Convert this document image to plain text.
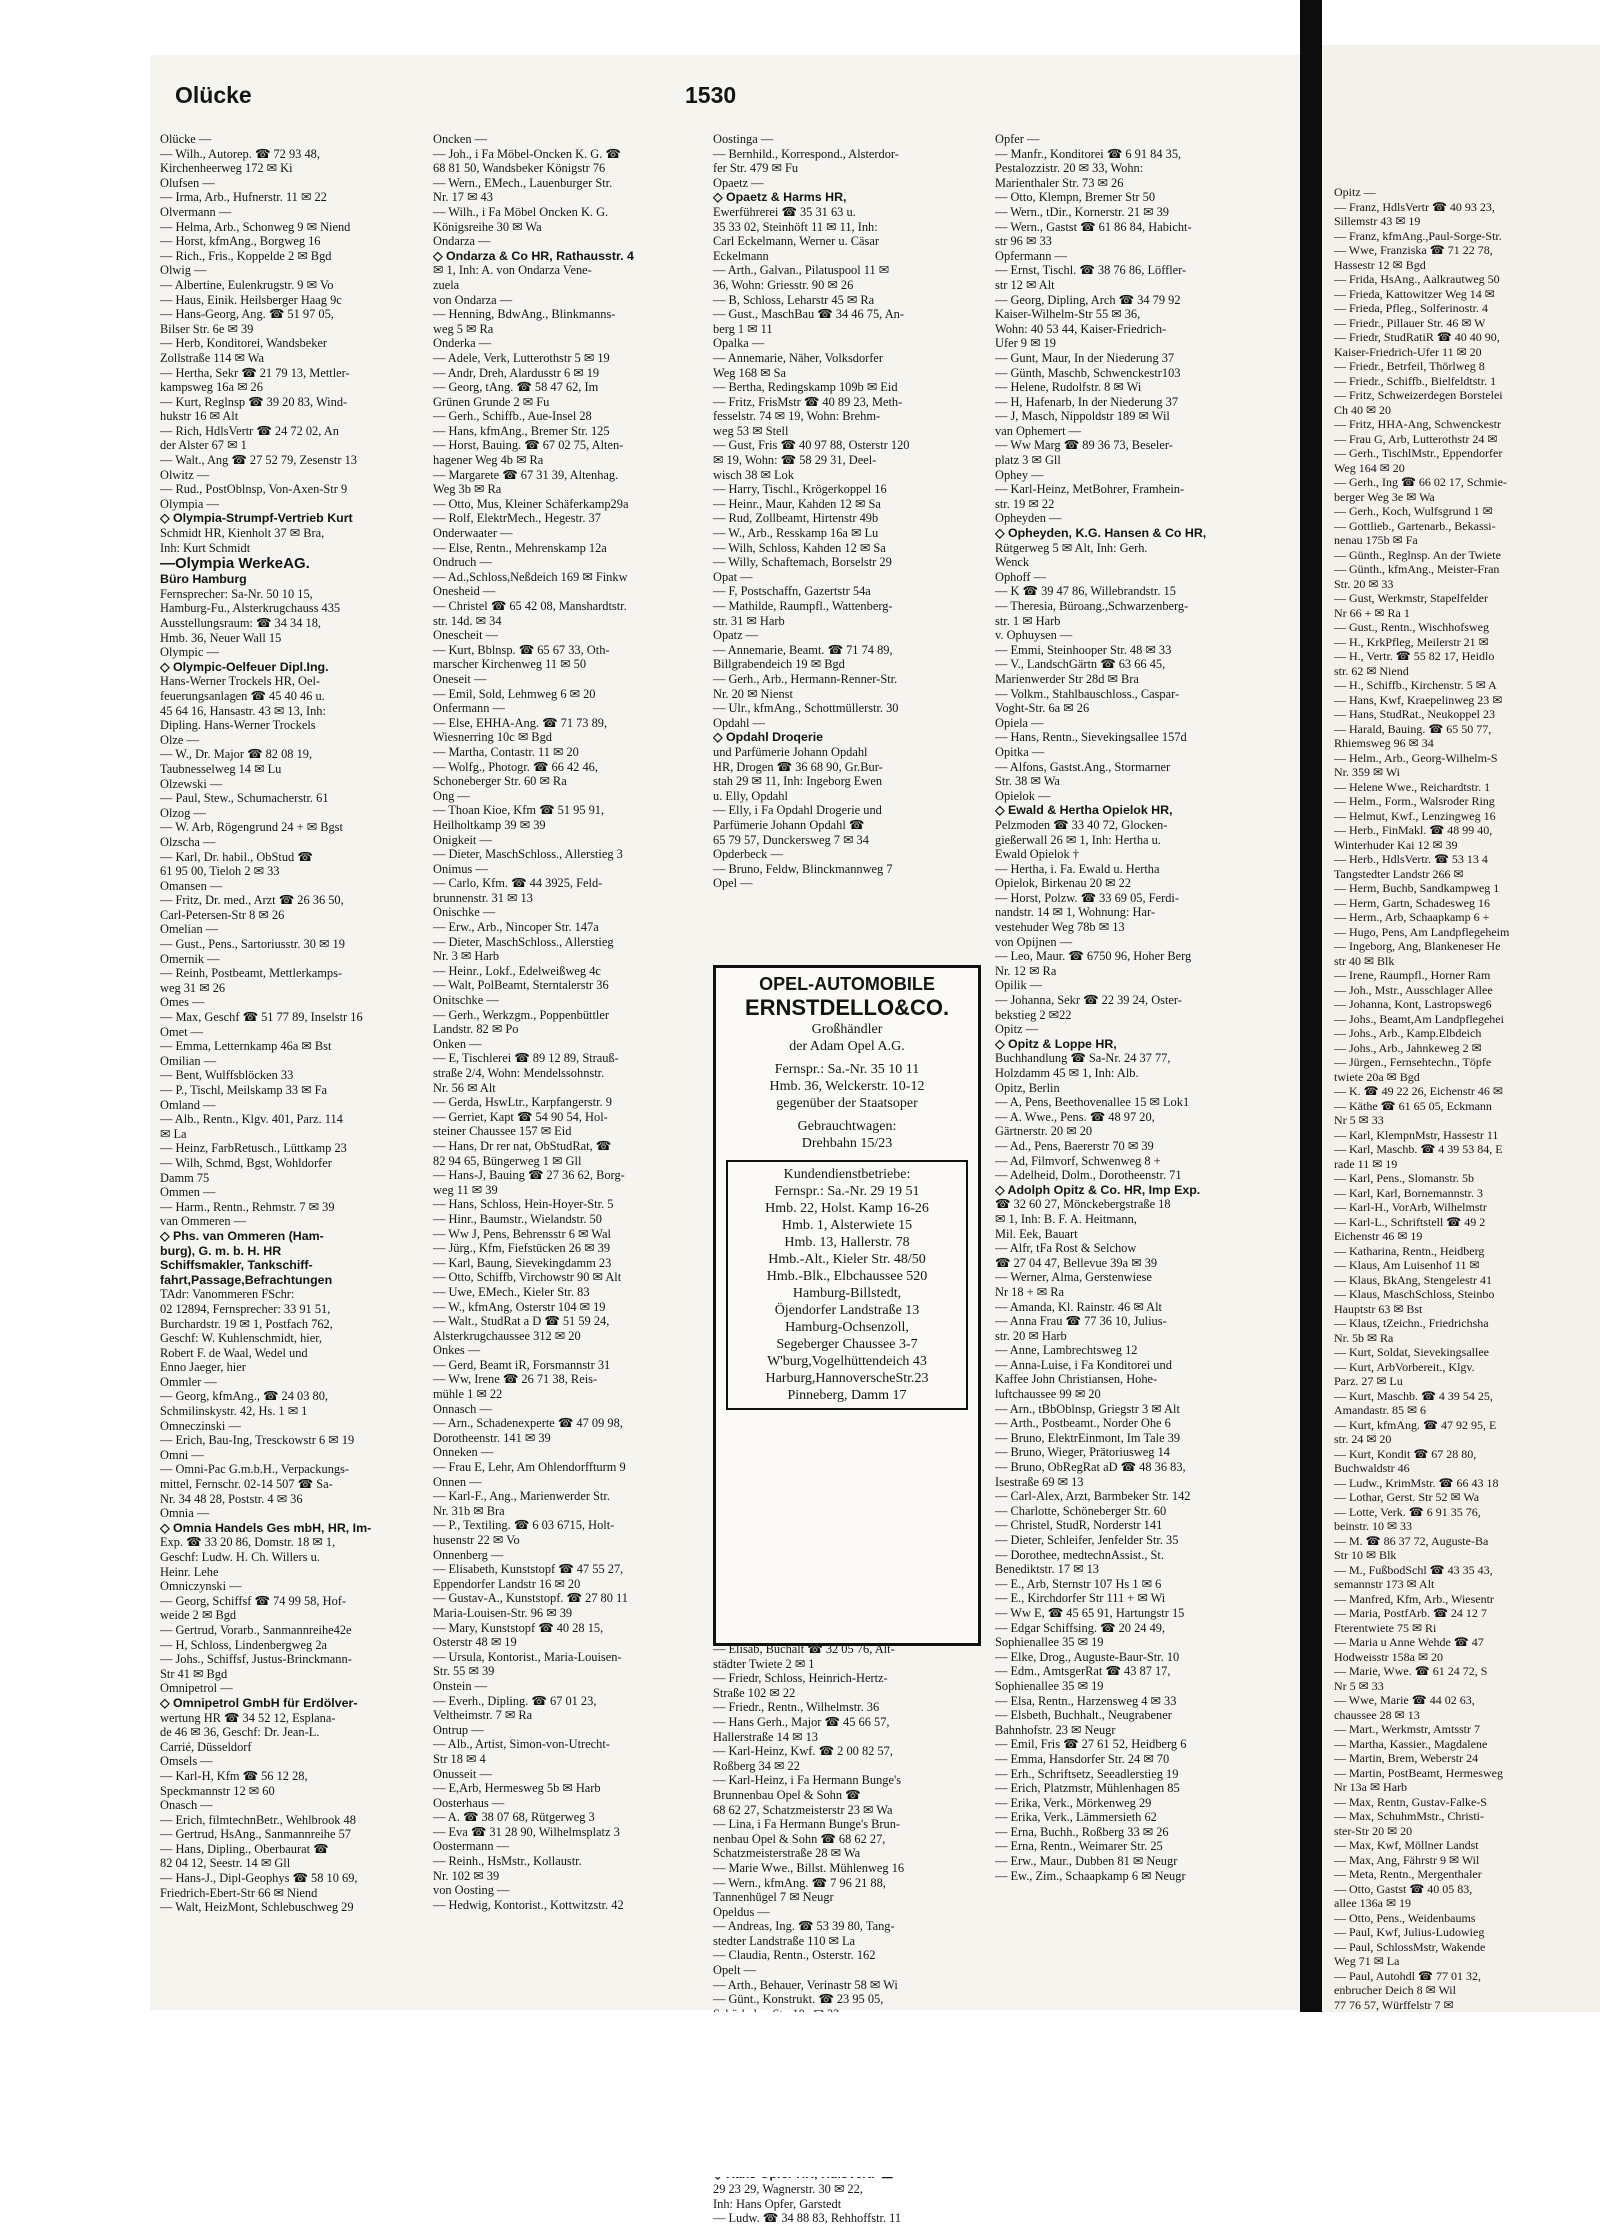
Opitz —
— Franz, HdlsVertr ☎ 40 93 23,
Sillemstr 43 ✉ 19
— Franz, kfmAng.,Paul-Sorge-Str.
— Wwe, Franziska ☎ 71 22 78,
Hassestr 12 ✉ Bgd
— Frida, HsAng., Aalkrautweg 50
— Frieda, Kattowitzer Weg 14 ✉
— Frieda, Pfleg., Solferinostr. 4
— Friedr., Pillauer Str. 46 ✉ W
— Friedr, StudRatiR ☎ 40 40 90,
Kaiser-Friedrich-Ufer 11 ✉ 20
— Friedr., Betrfeil, Thörlweg 8
— Friedr., Schiffb., Bielfeldtstr. 1
— Fritz, Schweizerdegen Borstelei
Ch 40 ✉ 20
— Fritz, HHA-Ang, Schwenckestr
— Frau G, Arb, Lutterothstr 24 ✉
— Gerh., TischlMstr., Eppendorfer
Weg 164 ✉ 20
— Gerh., Ing ☎ 66 02 17, Schmie-
berger Weg 3e ✉ Wa
— Gerh., Koch, Wulfsgrund 1 ✉
— Gottlieb., Gartenarb., Bekassi-
nenau 175b ✉ Fa
— Günth., Reglnsp. An der Twiete
— Günth., kfmAng., Meister-Fran
Str. 20 ✉ 33
— Gust, Werkmstr, Stapelfelder
Nr 66 + ✉ Ra 1
— Gust., Rentn., Wischhofsweg
— H., KrkPfleg, Meilerstr 21 ✉
— H., Vertr. ☎ 55 82 17, Heidlo
str. 62 ✉ Niend
— H., Schiffb., Kirchenstr. 5 ✉ A
— Hans, Kwf, Kraepelinweg 23 ✉
— Hans, StudRat., Neukoppel 23
— Harald, Bauing. ☎ 65 50 77,
Rhiemsweg 96 ✉ 34
— Helm., Arb., Georg-Wilhelm-S
Nr. 359 ✉ Wi
— Helene Wwe., Reichardtstr. 1
— Helm., Form., Walsroder Ring
— Helmut, Kwf., Lenzingweg 16
— Herb., FinMakl. ☎ 48 99 40,
Winterhuder Kai 12 ✉ 39
— Herb., HdlsVertr. ☎ 53 13 4
Tangstedter Landstr 266 ✉
— Herm, Buchb, Sandkampweg 1
— Herm, Gartn, Schadesweg 16
— Herm., Arb, Schaapkamp 6 +
— Hugo, Pens, Am Landpflegeheim
— Ingeborg, Ang, Blankeneser He
str 40 ✉ Blk
— Irene, Raumpfl., Horner Ram
— Joh., Mstr., Ausschlager Allee
— Johanna, Kont, Lastropsweg6
— Johs., Beamt,Am Landpflegehei
— Johs., Arb., Kamp.Elbdeich
— Johs., Arb., Jahnkeweg 2 ✉
— Jürgen., Fernsehtechn., Töpfe
twiete 20a ✉ Bgd
— K. ☎ 49 22 26, Eichenstr 46 ✉
— Käthe ☎ 61 65 05, Eckmann
Nr 5 ✉ 33
— Karl, KlempnMstr, Hassestr 11
— Karl, Maschb. ☎ 4 39 53 84, E
rade 11 ✉ 19
— Karl, Pens., Slomanstr. 5b
— Karl, Karl, Bornemannstr. 3
— Karl-H., VorArb, Wilhelmstr
— Karl-L., Schriftstell ☎ 49 2
Eichenstr 46 ✉ 19
— Katharina, Rentn., Heidberg
— Klaus, Am Luisenhof 11 ✉
— Klaus, BkAng, Stengelestr 41
— Klaus, MaschSchloss, Steinbo
Hauptstr 63 ✉ Bst
— Klaus, tZeichn., Friedrichsha
Nr. 5b ✉ Ra
— Kurt, Soldat, Sievekingsallee
— Kurt, ArbVorbereit., Klgv.
Parz. 27 ✉ Lu
— Kurt, Maschb. ☎ 4 39 54 25,
Amandastr. 85 ✉ 6
— Kurt, kfmAng. ☎ 47 92 95, E
str. 24 ✉ 20
— Kurt, Kondit ☎ 67 28 80,
Buchwaldstr 46
— Ludw., KrimMstr. ☎ 66 43 18
— Lothar, Gerst. Str 52 ✉ Wa
— Lotte, Verk. ☎ 6 91 35 76,
beinstr. 10 ✉ 33
— M. ☎ 86 37 72, Auguste-Ba
Str 10 ✉ Blk
— M., FußbodSchl ☎ 43 35 43,
semannstr 173 ✉ Alt
— Manfred, Kfm, Arb., Wiesentr
— Maria, PostfArb. ☎ 24 12 7
Fterentwiete 75 ✉ Ri
— Maria u Anne Wehde ☎ 47
Hodweisstr 158a ✉ 20
— Marie, Wwe. ☎ 61 24 72, S
Nr 5 ✉ 33
— Wwe, Marie ☎ 44 02 63,
chaussee 28 ✉ 13
— Mart., Werkmstr, Amtsstr 7
— Martha, Kassier., Magdalene
— Martin, Brem, Weberstr 24
— Martin, PostBeamt, Hermesweg
Nr 13a ✉ Harb
— Max, Rentn, Gustav-Falke-S
— Max, SchuhmMstr., Christi-
ster-Str 20 ✉ 20
— Max, Kwf, Möllner Landst
— Max, Ang, Fährstr 9 ✉ Wil
— Meta, Rentn., Mergenthaler
— Otto, Gastst ☎ 40 05 83,
allee 136a ✉ 19
— Otto, Pens., Weidenbaums
— Paul, Kwf, Julius-Ludowieg
— Paul, SchlossMstr, Wakende
Weg 71 ✉ La
— Paul, Autohdl ☎ 77 01 32,
enbrucher Deich 8 ✉ Wil
77 76 57, Würffelstr 7 ✉
Olücke	1530
Olücke —
— Wilh., Autorep. ☎ 72 93 48,
Kirchenheerweg 172 ✉ Ki
Olufsen —
— Irma, Arb., Hufnerstr. 11 ✉ 22
Olvermann —
— Helma, Arb., Schonweg 9 ✉ Niend
— Horst, kfmAng., Borgweg 16
— Rich., Fris., Koppelde 2 ✉ Bgd
Olwig —
— Albertine, Eulenkrugstr. 9 ✉ Vo
— Haus, Einik. Heilsberger Haag 9c
— Hans-Georg, Ang. ☎ 51 97 05,
Bilser Str. 6e ✉ 39
— Herb, Konditorei, Wandsbeker
Zollstraße 114 ✉ Wa
— Hertha, Sekr ☎ 21 79 13, Mettler-
kampsweg 16a ✉ 26
— Kurt, Reglnsp ☎ 39 20 83, Wind-
hukstr 16 ✉ Alt
— Rich, HdlsVertr ☎ 24 72 02, An
der Alster 67 ✉ 1
— Walt., Ang ☎ 27 52 79, Zesenstr 13
Olwitz —
— Rud., PostOblnsp, Von-Axen-Str 9
Olympia —
◇ Olympia-Strumpf-Vertrieb Kurt
Schmidt HR, Kienholt 37 ✉ Bra,
Inh: Kurt Schmidt
—Olympia WerkeAG.
Büro Hamburg
Fernsprecher: Sa-Nr. 50 10 15,
Hamburg-Fu., Alsterkrugchauss 435
Ausstellungsraum: ☎ 34 34 18,
Hmb. 36, Neuer Wall 15
Olympic —
◇ Olympic-Oelfeuer Dipl.Ing.
Hans-Werner Trockels HR, Oel-
feuerungsanlagen ☎ 45 40 46 u.
45 64 16, Hansastr. 43 ✉ 13, Inh:
Dipling. Hans-Werner Trockels
Olze —
— W., Dr. Major ☎ 82 08 19,
Taubnesselweg 14 ✉ Lu
Olzewski —
— Paul, Stew., Schumacherstr. 61
Olzog —
— W. Arb, Rögengrund 24 + ✉ Bgst
Olzscha —
— Karl, Dr. habil., ObStud ☎
61 95 00, Tieloh 2 ✉ 33
Omansen —
— Fritz, Dr. med., Arzt ☎ 26 36 50,
Carl-Petersen-Str 8 ✉ 26
Omelian —
— Gust., Pens., Sartoriusstr. 30 ✉ 19
Omernik —
— Reinh, Postbeamt, Mettlerkamps-
weg 31 ✉ 26
Omes —
— Max, Geschf ☎ 51 77 89, Inselstr 16
Omet —
— Emma, Letternkamp 46a ✉ Bst
Omilian —
— Bent, Wulffsblöcken 33
— P., Tischl, Meilskamp 33 ✉ Fa
Omland —
— Alb., Rentn., Klgv. 401, Parz. 114
✉ La
— Heinz, FarbRetusch., Lüttkamp 23
— Wilh, Schmd, Bgst, Wohldorfer
Damm 75
Ommen —
— Harm., Rentn., Rehmstr. 7 ✉ 39
van Ommeren —
◇ Phs. van Ommeren (Ham-
burg), G. m. b. H. HR
Schiffsmakler, Tankschiff-
fahrt,Passage,Befrachtungen
TAdr: Vanommeren FSchr:
02 12894, Fernsprecher: 33 91 51,
Burchardstr. 19 ✉ 1, Postfach 762,
Geschf: W. Kuhlenschmidt, hier,
Robert F. de Waal, Wedel und
Enno Jaeger, hier
Ommler —
— Georg, kfmAng., ☎ 24 03 80,
Schmilinskystr. 42, Hs. 1 ✉ 1
Omneczinski —
— Erich, Bau-Ing, Tresckowstr 6 ✉ 19
Omni —
— Omni-Pac G.m.b.H., Verpackungs-
mittel, Fernschr. 02-14 507 ☎ Sa-
Nr. 34 48 28, Poststr. 4 ✉ 36
Omnia —
◇ Omnia Handels Ges mbH, HR, Im-
Exp. ☎ 33 20 86, Domstr. 18 ✉ 1,
Geschf: Ludw. H. Ch. Willers u.
Heinr. Lehe
Omniczynski —
— Georg, Schiffsf ☎ 74 99 58, Hof-
weide 2 ✉ Bgd
— Gertrud, Vorarb., Sanmannreihe42e
— H, Schloss, Lindenbergweg 2a
— Johs., Schiffsf, Justus-Brinckmann-
Str 41 ✉ Bgd
Omnipetrol —
◇ Omnipetrol GmbH für Erdölver-
wertung HR ☎ 34 52 12, Esplana-
de 46 ✉ 36, Geschf: Dr. Jean-L.
Carrié, Düsseldorf
Omsels —
— Karl-H, Kfm ☎ 56 12 28,
Speckmannstr 12 ✉ 60
Onasch —
— Erich, filmtechnBetr., Wehlbrook 48
— Gertrud, HsAng., Sanmannreihe 57
— Hans, Dipling., Oberbaurat ☎
82 04 12, Seestr. 14 ✉ Gll
— Hans-J., Dipl-Geophys ☎ 58 10 69,
Friedrich-Ebert-Str 66 ✉ Niend
— Walt, HeizMont, Schlebuschweg 29
Oncken —
— Joh., i Fa Möbel-Oncken K. G. ☎
68 81 50, Wandsbeker Königstr 76
— Wern., EMech., Lauenburger Str.
Nr. 17 ✉ 43
— Wilh., i Fa Möbel Oncken K. G.
Königsreihe 30 ✉ Wa
Ondarza —
◇ Ondarza & Co HR, Rathausstr. 4
✉ 1, Inh: A. von Ondarza Vene-
zuela
von Ondarza —
— Henning, BdwAng., Blinkmanns-
weg 5 ✉ Ra
Onderka —
— Adele, Verk, Lutterothstr 5 ✉ 19
— Andr, Dreh, Alardusstr 6 ✉ 19
— Georg, tAng. ☎ 58 47 62, Im
Grünen Grunde 2 ✉ Fu
— Gerh., Schiffb., Aue-Insel 28
— Hans, kfmAng., Bremer Str. 125
— Horst, Bauing. ☎ 67 02 75, Alten-
hagener Weg 4b ✉ Ra
— Margarete ☎ 67 31 39, Altenhag.
Weg 3b ✉ Ra
— Otto, Mus, Kleiner Schäferkamp29a
— Rolf, ElektrMech., Hegestr. 37
Onderwaater —
— Else, Rentn., Mehrenskamp 12a
Ondruch —
— Ad.,Schloss,Neßdeich 169 ✉ Finkw
Onesheid —
— Christel ☎ 65 42 08, Manshardtstr.
str. 14d. ✉ 34
Onescheit —
— Kurt, Bblnsp. ☎ 65 67 33, Oth-
marscher Kirchenweg 11 ✉ 50
Oneseit —
— Emil, Sold, Lehmweg 6 ✉ 20
Onfermann —
— Else, EHHA-Ang. ☎ 71 73 89,
Wiesnerring 10c ✉ Bgd
— Martha, Contastr. 11 ✉ 20
— Wolfg., Photogr. ☎ 66 42 46,
Schoneberger Str. 60 ✉ Ra
Ong —
— Thoan Kioe, Kfm ☎ 51 95 91,
Heilholtkamp 39 ✉ 39
Onigkeit —
— Dieter, MaschSchloss., Allerstieg 3
Onimus —
— Carlo, Kfm. ☎ 44 3925, Feld-
brunnenstr. 31 ✉ 13
Onischke —
— Erw., Arb., Nincoper Str. 147a
— Dieter, MaschSchloss., Allerstieg
Nr. 3 ✉ Harb
— Heinr., Lokf., Edelweißweg 4c
— Walt, PolBeamt, Sterntalerstr 36
Onitschke —
— Gerh., Werkzgm., Poppenbüttler
Landstr. 82 ✉ Po
Onken —
— E, Tischlerei ☎ 89 12 89, Strauß-
straße 2/4, Wohn: Mendelssohnstr.
Nr. 56 ✉ Alt
— Gerda, HswLtr., Karpfangerstr. 9
— Gerriet, Kapt ☎ 54 90 54, Hol-
steiner Chaussee 157 ✉ Eid
— Hans, Dr rer nat, ObStudRat, ☎
82 94 65, Büngerweg 1 ✉ Gll
— Hans-J, Bauing ☎ 27 36 62, Borg-
weg 11 ✉ 39
— Hans, Schloss, Hein-Hoyer-Str. 5
— Hinr., Baumstr., Wielandstr. 50
— Ww J, Pens, Behrensstr 6 ✉ Wal
— Jürg., Kfm, Fiefstücken 26 ✉ 39
— Karl, Baung, Sievekingdamm 23
— Otto, Schiffb, Virchowstr 90 ✉ Alt
— Uwe, EMech., Kieler Str. 83
— W., kfmAng, Osterstr 104 ✉ 19
— Walt., StudRat a D ☎ 51 59 24,
Alsterkrugchaussee 312 ✉ 20
Onkes —
— Gerd, Beamt iR, Forsmannstr 31
— Ww, Irene ☎ 26 71 38, Reis-
mühle 1 ✉ 22
Onnasch —
— Arn., Schadenexperte ☎ 47 09 98,
Dorotheenstr. 141 ✉ 39
Onneken —
— Frau E, Lehr, Am Ohlendorffturm 9
Onnen —
— Karl-F., Ang., Marienwerder Str.
Nr. 31b ✉ Bra
— P., Textiling. ☎ 6 03 6715, Holt-
husenstr 22 ✉ Vo
Onnenberg —
— Elisabeth, Kunststopf ☎ 47 55 27,
Eppendorfer Landstr 16 ✉ 20
— Gustav-A., Kunststopf. ☎ 27 80 11
Maria-Louisen-Str. 96 ✉ 39
— Mary, Kunststopf ☎ 40 28 15,
Osterstr 48 ✉ 19
— Ursula, Kontorist., Maria-Louisen-
Str. 55 ✉ 39
Onstein —
— Everh., Dipling. ☎ 67 01 23,
Veltheimstr. 7 ✉ Ra
Ontrup —
— Alb., Artist, Simon-von-Utrecht-
Str 18 ✉ 4
Onusseit —
— E,Arb, Hermesweg 5b ✉ Harb
Oosterhaus —
— A. ☎ 38 07 68, Rütgerweg 3
— Eva ☎ 31 28 90, Wilhelmsplatz 3
Oostermann —
— Reinh., HsMstr., Kollaustr.
Nr. 102 ✉ 39
von Oosting —
— Hedwig, Kontorist., Kottwitzstr. 42
Oostinga —
— Bernhild., Korrespond., Alsterdor-
fer Str. 479 ✉ Fu
Opaetz —
◇ Opaetz & Harms HR,
Ewerführerei ☎ 35 31 63 u.
35 33 02, Steinhöft 11 ✉ 11, Inh:
Carl Eckelmann, Werner u. Cäsar
Eckelmann
— Arth., Galvan., Pilatuspool 11 ✉
36, Wohn: Griesstr. 90 ✉ 26
— B, Schloss, Leharstr 45 ✉ Ra
— Gust., MaschBau ☎ 34 46 75, An-
berg 1 ✉ 11
Opalka —
— Annemarie, Näher, Volksdorfer
Weg 168 ✉ Sa
— Bertha, Redingskamp 109b ✉ Eid
— Fritz, FrisMstr ☎ 40 89 23, Meth-
fesselstr. 74 ✉ 19, Wohn: Brehm-
weg 53 ✉ Stell
— Gust, Fris ☎ 40 97 88, Osterstr 120
✉ 19, Wohn: ☎ 58 29 31, Deel-
wisch 38 ✉ Lok
— Harry, Tischl., Krögerkoppel 16
— Heinr., Maur, Kahden 12 ✉ Sa
— Rud, Zollbeamt, Hirtenstr 49b
— W., Arb., Resskamp 16a ✉ Lu
— Wilh, Schloss, Kahden 12 ✉ Sa
— Willy, Schaftemach, Borselstr 29
Opat —
— F, Postschaffn, Gazertstr 54a
— Mathilde, Raumpfl., Wattenberg-
str. 31 ✉ Harb
Opatz —
— Annemarie, Beamt. ☎ 71 74 89,
Billgrabendeich 19 ✉ Bgd
— Gerh., Arb., Hermann-Renner-Str.
Nr. 20 ✉ Nienst
— Ulr., kfmAng., Schottmüllerstr. 30
Opdahl —
◇ Opdahl Droqerie
und Parfümerie Johann Opdahl
HR, Drogen ☎ 36 68 90, Gr.Bur-
stah 29 ✉ 11, Inh: Ingeborg Ewen
u. Elly, Opdahl
— Elly, i Fa Opdahl Drogerie und
Parfümerie Johann Opdahl ☎
65 79 57, Dunckersweg 7 ✉ 34
Opderbeck —
— Bruno, Feldw, Blinckmannweg 7
Opel —
Opfer —
— Manfr., Konditorei ☎ 6 91 84 35,
Pestalozzistr. 20 ✉ 33, Wohn:
Marienthaler Str. 73 ✉ 26
— Otto, Klempn, Bremer Str 50
— Wern., tDir., Kornerstr. 21 ✉ 39
— Wern., Gastst ☎ 61 86 84, Habicht-
str 96 ✉ 33
Opfermann —
— Ernst, Tischl. ☎ 38 76 86, Löffler-
str 12 ✉ Alt
— Georg, Dipling, Arch ☎ 34 79 92
Kaiser-Wilhelm-Str 55 ✉ 36,
Wohn: 40 53 44, Kaiser-Friedrich-
Ufer 9 ✉ 19
— Gunt, Maur, In der Niederung 37
— Günth, Maschb, Schwenckestr103
— Helene, Rudolfstr. 8 ✉ Wi
— H, Hafenarb, In der Niederung 37
— J, Masch, Nippoldstr 189 ✉ Wil
van Ophemert —
— Ww Marg ☎ 89 36 73, Beseler-
platz 3 ✉ Gll
Ophey —
— Karl-Heinz, MetBohrer, Framhein-
str. 19 ✉ 22
Opheyden —
◇ Opheyden, K.G. Hansen & Co HR,
Rütgerweg 5 ✉ Alt, Inh: Gerh.
Wenck
Ophoff —
— K ☎ 39 47 86, Willebrandstr. 15
— Theresia, Büroang.,Schwarzenberg-
str. 1 ✉ Harb
v. Ophuysen —
— Emmi, Steinhooper Str. 48 ✉ 33
— V., LandschGärtn ☎ 63 66 45,
Marienwerder Str 28d ✉ Bra
— Volkm., Stahlbauschloss., Caspar-
Voght-Str. 6a ✉ 26
Opiela —
— Hans, Rentn., Sievekingsallee 157d
Opitka —
— Alfons, Gastst.Ang., Stormarner
Str. 38 ✉ Wa
Opielok —
◇ Ewald & Hertha Opielok HR,
Pelzmoden ☎ 33 40 72, Glocken-
gießerwall 26 ✉ 1, Inh: Hertha u.
Ewald Opielok †
— Hertha, i. Fa. Ewald u. Hertha
Opielok, Birkenau 20 ✉ 22
— Horst, Polzw. ☎ 33 69 05, Ferdi-
nandstr. 14 ✉ 1, Wohnung: Har-
vestehuder Weg 78b ✉ 13
von Opijnen —
— Leo, Maur. ☎ 6750 96, Hoher Berg
Nr. 12 ✉ Ra
Opilik —
— Johanna, Sekr ☎ 22 39 24, Oster-
bekstieg 2 ✉22
Opitz —
◇ Opitz & Loppe HR,
Buchhandlung ☎ Sa-Nr. 24 37 77,
Holzdamm 45 ✉ 1, Inh: Alb.
Opitz, Berlin
— A, Pens, Beethovenallee 15 ✉ Lok1
— A. Wwe., Pens. ☎ 48 97 20,
Gärtnerstr. 20 ✉ 20
— Ad., Pens, Baererstr 70 ✉ 39
— Ad, Filmvorf, Schwenweg 8 +
— Adelheid, Dolm., Dorotheenstr. 71
◇ Adolph Opitz & Co. HR, Imp Exp.
☎ 32 60 27, Mönckebergstraße 18
✉ 1, Inh: B. F. A. Heitmann,
Mil. Eek, Bauart
— Alfr, tFa Rost & Selchow
☎ 27 04 47, Bellevue 39a ✉ 39
— Werner, Alma, Gerstenwiese
Nr 18 + ✉ Ra
— Amanda, Kl. Rainstr. 46 ✉ Alt
— Anna Frau ☎ 77 36 10, Julius-
str. 20 ✉ Harb
— Anne, Lambrechtsweg 12
— Anna-Luise, i Fa Konditorei und
Kaffee John Christiansen, Hohe-
luftchaussee 99 ✉ 20
— Arn., tBbOblnsp, Griegstr 3 ✉ Alt
— Arth., Postbeamt., Norder Ohe 6
— Bruno, ElektrEinmont, Im Tale 39
— Bruno, Wieger, Prätoriusweg 14
— Bruno, ObRegRat aD ☎ 48 36 83,
Isestraße 69 ✉ 13
— Carl-Alex, Arzt, Barmbeker Str. 142
— Charlotte, Schöneberger Str. 60
— Christel, StudR, Norderstr 141
— Dieter, Schleifer, Jenfelder Str. 35
— Dorothee, medtechnAssist., St.
Benediktstr. 17 ✉ 13
— E., Arb, Sternstr 107 Hs 1 ✉ 6
— E., Kirchdorfer Str 111 + ✉ Wi
— Ww E, ☎ 45 65 91, Hartungstr 15
— Edgar Schiffsing. ☎ 20 24 49,
Sophienallee 35 ✉ 19
— Elke, Drog., Auguste-Baur-Str. 10
— Edm., AmtsgerRat ☎ 43 87 17,
Sophienallee 35 ✉ 19
— Elsa, Rentn., Harzensweg 4 ✉ 33
— Elsbeth, Buchhalt., Neugrabener
Bahnhofstr. 23 ✉ Neugr
— Emil, Fris ☎ 27 61 52, Heidberg 6
— Emma, Hansdorfer Str. 24 ✉ 70
— Erh., Schriftsetz, Seeadlerstieg 19
— Erich, Platzmstr, Mühlenhagen 85
— Erika, Verk., Mörkenweg 29
— Erika, Verk., Lämmersieth 62
— Erna, Buchh., Roßberg 33 ✉ 26
— Erna, Rentn., Weimarer Str. 25
— Erw., Maur., Dubben 81 ✉ Neugr
— Ew., Zim., Schaapkamp 6 ✉ Neugr
OPEL-AUTOMOBILE
ERNSTDELLO&CO.
Großhändler
der Adam Opel A.G.
Fernspr.: Sa.-Nr. 35 10 11
Hmb. 36, Welckerstr. 10-12
gegenüber der Staatsoper
Gebrauchtwagen:
Drehbahn 15/23
Kundendienstbetriebe:
Fernspr.: Sa.-Nr. 29 19 51
Hmb. 22, Holst. Kamp 16-26
Hmb. 1, Alsterwiete 15
Hmb. 13, Hallerstr. 78
Hmb.-Alt., Kieler Str. 48/50
Hmb.-Blk., Elbchaussee 520
Hamburg-Billstedt,
Öjendorfer Landstraße 13
Hamburg-Ochsenzoll,
Segeberger Chaussee 3-7
W'burg,Vogelhüttendeich 43
Harburg,HannoverscheStr.23
Pinneberg, Damm 17
— Elisab, Buchalt ☎ 32 05 76, Alt-
städter Twiete 2 ✉ 1
— Friedr, Schloss, Heinrich-Hertz-
Straße 102 ✉ 22
— Friedr., Rentn., Wilhelmstr. 36
— Hans Gerh., Major ☎ 45 66 57,
Hallerstraße 14 ✉ 13
— Karl-Heinz, Kwf. ☎ 2 00 82 57,
Roßberg 34 ✉ 22
— Karl-Heinz, i Fa Hermann Bunge's
Brunnenbau Opel & Sohn ☎
68 62 27, Schatzmeisterstr 23 ✉ Wa
— Lina, i Fa Hermann Bunge's Brun-
nenbau Opel & Sohn ☎ 68 62 27,
Schatzmeisterstraße 28 ✉ Wa
— Marie Wwe., Billst. Mühlenweg 16
— Wern., kfmAng. ☎ 7 96 21 88,
Tannenhügel 7 ✉ Neugr
Opeldus —
— Andreas, Ing. ☎ 53 39 80, Tang-
stedter Landstraße 110 ✉ La
— Claudia, Rentn., Osterstr. 162
Opelt —
— Arth., Behauer, Verinastr 58 ✉ Wi
— Günt., Konstrukt. ☎ 23 95 05,
29 23 29, Wagnerstr. 30 ✉ 22,
Inh: Hans Opfer, Garstedt
— Ludw. ☎ 34 88 83, Rehhoffstr. 11
